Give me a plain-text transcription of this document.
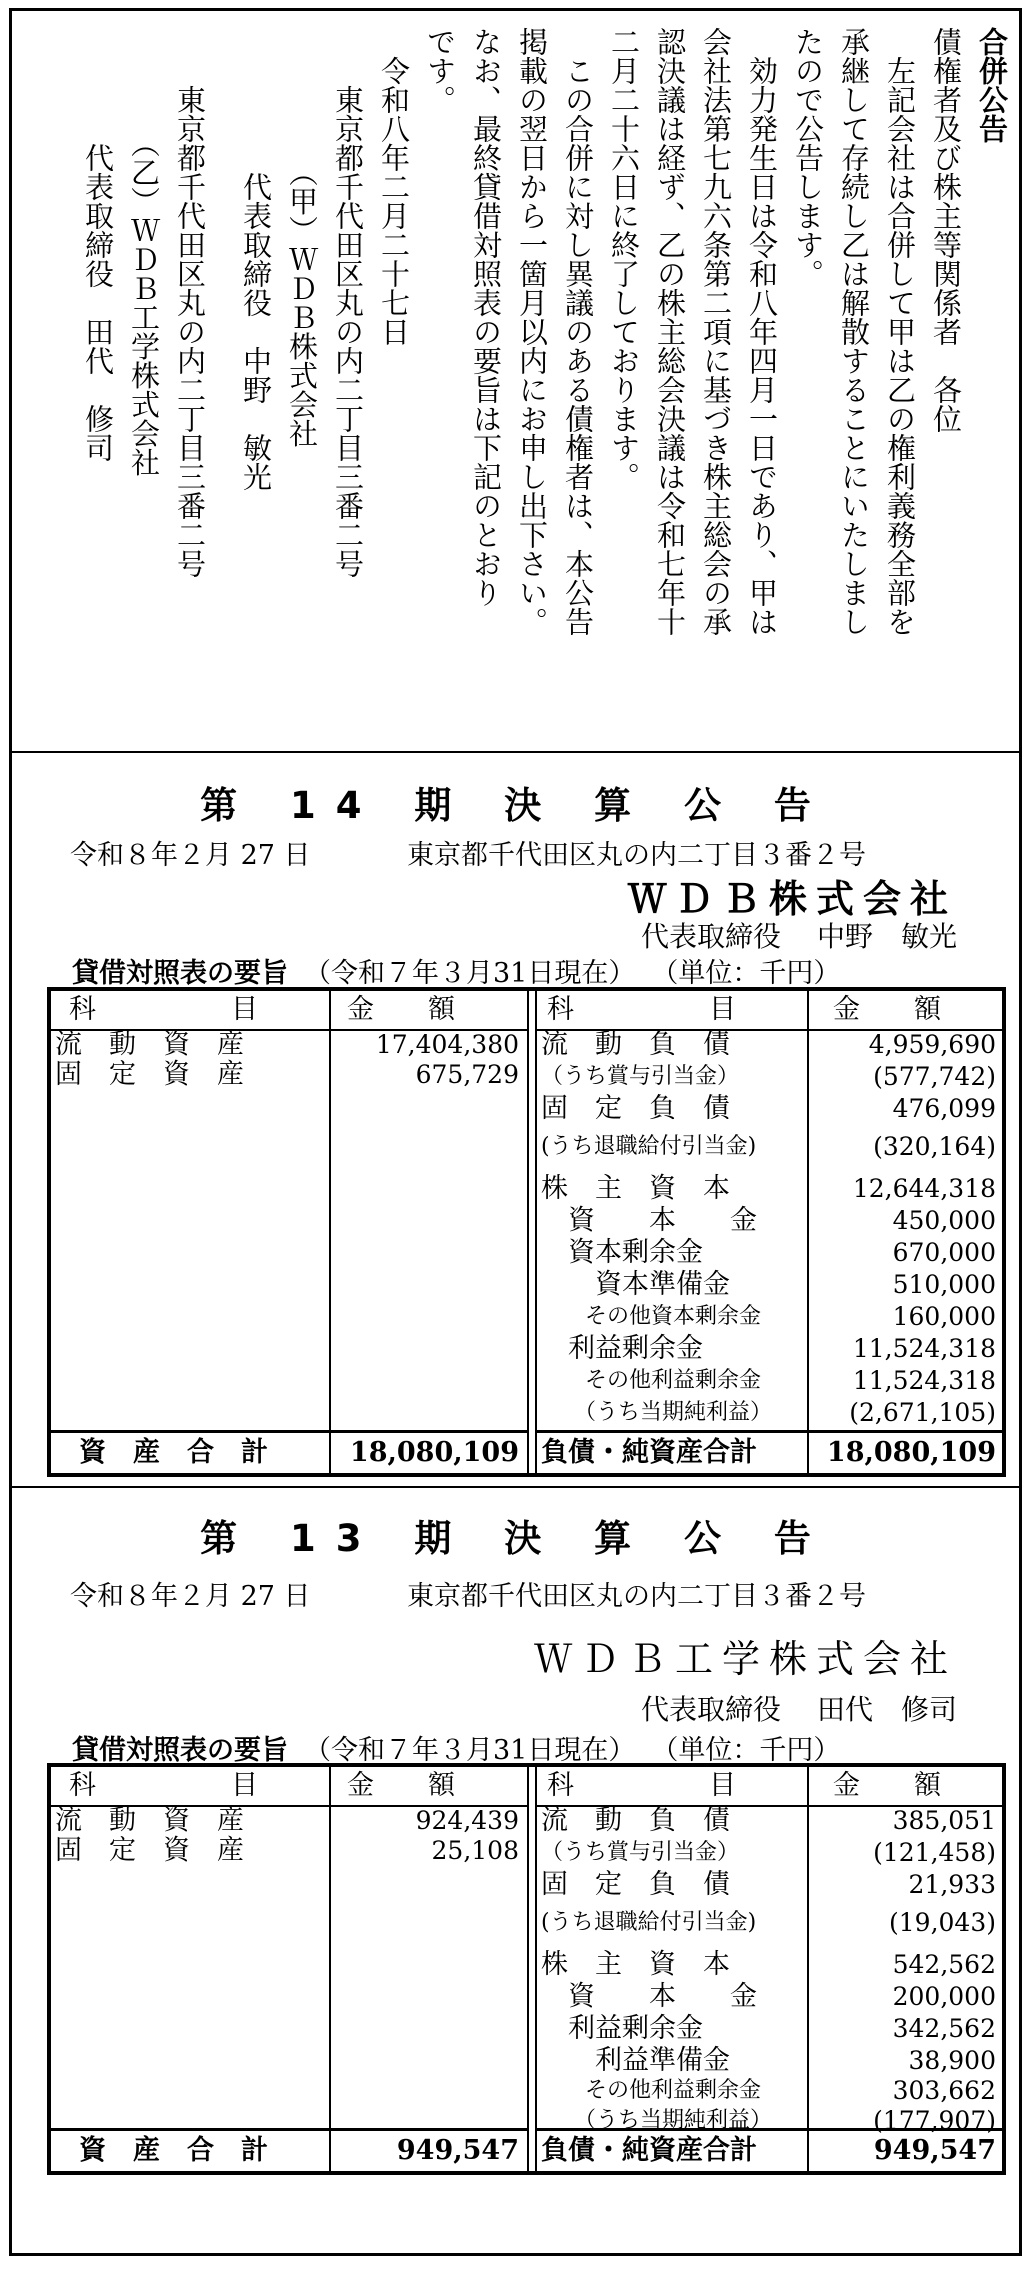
合併公告
債権者及び株主等関係者　各位
　左記会社は合併して甲は乙の権利義務全部を
承継して存続し乙は解散することにいたしまし
たので公告します。
　効力発生日は令和八年四月一日であり、甲は
会社法第七九六条第二項に基づき株主総会の承
認決議は経ず、乙の株主総会決議は令和七年十
二月二十六日に終了しております。
　この合併に対し異議のある債権者は、本公告
掲載の翌日から一箇月以内にお申し出下さい。
なお、最終貸借対照表の要旨は下記のとおり
です。
　令和八年二月二十七日
　　東京都千代田区丸の内二丁目三番二号
　　　　　（甲）ＷＤＢ株式会社
　　　　　代表取締役　中野　敏光
　　東京都千代田区丸の内二丁目三番二号
　　　　（乙）ＷＤＢ工学株式会社
　　　　代表取締役　田代　修司
第 14 期 決 算 公 告
令和８年２月 27 日	東京都千代田区丸の内二丁目３番２号
ＷＤＢ株式会社
代表取締役 中野　敏光
貸借対照表の要旨 （令和７年３月31日現在） （単位：千円）
科　　　　　目	金　　額
流　動　資　産	17,404,380
固　定　資　産	675,729
資　産　合　計	18,080,109
科　　　　　目	金　　額
流　動　負　債	4,959,690
（うち賞与引当金）	(577,742)
固　定　負　債	476,099
(うち退職給付引当金)	(320,164)
株　主　資　本	12,644,318
　資　　本　　金	450,000
　資本剰余金	670,000
　　資本準備金	510,000
　　その他資本剰余金	160,000
　利益剰余金	11,524,318
　　その他利益剰余金	11,524,318
　　（うち当期純利益）	(2,671,105)
負債・純資産合計	18,080,109
第 13 期 決 算 公 告
令和８年２月 27 日	東京都千代田区丸の内二丁目３番２号
ＷＤＢ工学株式会社
代表取締役 田代　修司
貸借対照表の要旨 （令和７年３月31日現在） （単位：千円）
科　　　　　目	金　　額
流　動　資　産	924,439
固　定　資　産	25,108
資　産　合　計	949,547
科　　　　　目	金　　額
流　動　負　債	385,051
（うち賞与引当金）	(121,458)
固　定　負　債	21,933
(うち退職給付引当金)	(19,043)
株　主　資　本	542,562
　資　　本　　金	200,000
　利益剰余金	342,562
　　利益準備金	38,900
　　その他利益剰余金	303,662
　　（うち当期純利益）	(177,907)
負債・純資産合計	949,547
